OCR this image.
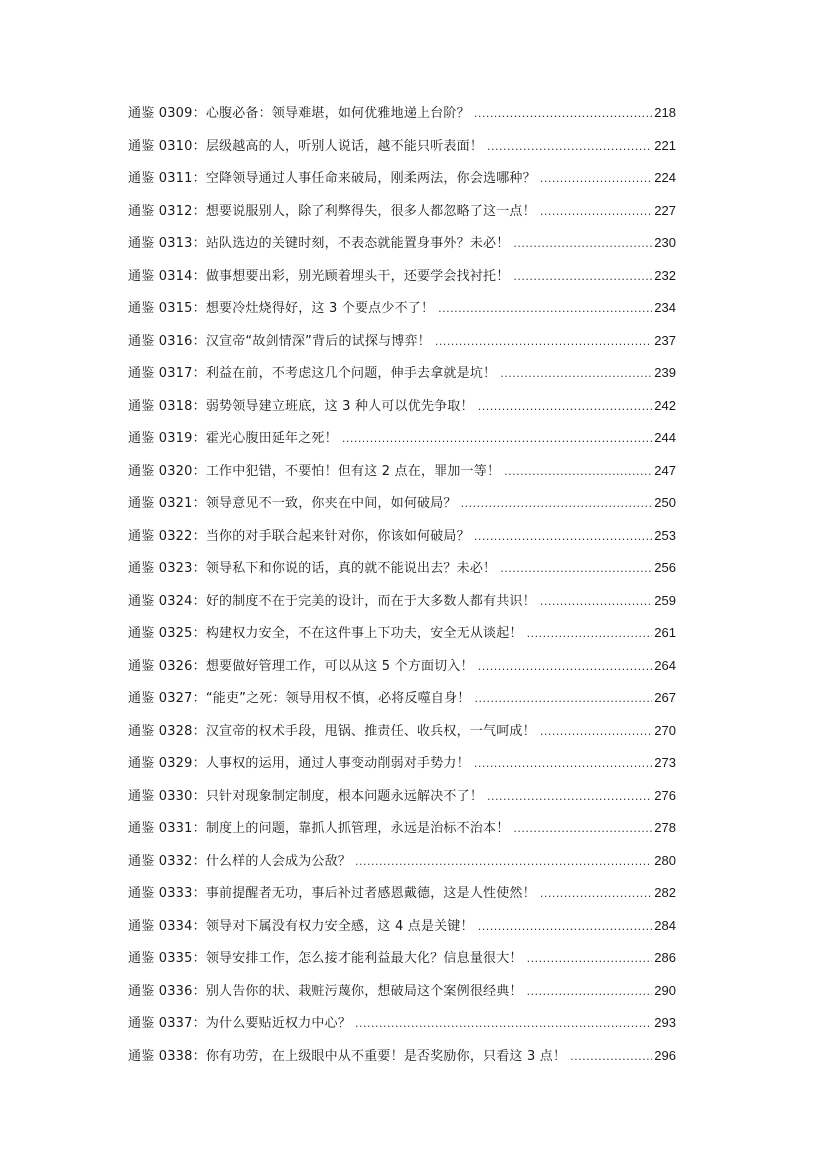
通鉴 0309：心腹必备：领导难堪，如何优雅地递上台阶？ .....	218
通鉴 0310：层级越高的人，听别人说话，越不能只听表面！ .....	221
通鉴 0311：空降领导通过人事任命来破局，刚柔两法，你会选哪种？ .....	224
通鉴 0312：想要说服别人，除了利弊得失，很多人都忽略了这一点！ .....	227
通鉴 0313：站队选边的关键时刻，不表态就能置身事外？未必！ .....	230
通鉴 0314：做事想要出彩，别光顾着埋头干，还要学会找衬托！ .....	232
通鉴 0315：想要冷灶烧得好，这 3 个要点少不了！ .....	234
通鉴 0316：汉宣帝“故剑情深”背后的试探与博弈！ .....	237
通鉴 0317：利益在前，不考虑这几个问题，伸手去拿就是坑！ .....	239
通鉴 0318：弱势领导建立班底，这 3 种人可以优先争取！ .....	242
通鉴 0319：霍光心腹田延年之死！ .....	244
通鉴 0320：工作中犯错，不要怕！但有这 2 点在，罪加一等！ .....	247
通鉴 0321：领导意见不一致，你夹在中间，如何破局？ .....	250
通鉴 0322：当你的对手联合起来针对你，你该如何破局？ .....	253
通鉴 0323：领导私下和你说的话，真的就不能说出去？未必！ .....	256
通鉴 0324：好的制度不在于完美的设计，而在于大多数人都有共识！ .....	259
通鉴 0325：构建权力安全，不在这件事上下功夫，安全无从谈起！ .....	261
通鉴 0326：想要做好管理工作，可以从这 5 个方面切入！ .....	264
通鉴 0327：“能吏”之死：领导用权不慎，必将反噬自身！ .....	267
通鉴 0328：汉宣帝的权术手段，甩锅、推责任、收兵权，一气呵成！ .....	270
通鉴 0329：人事权的运用，通过人事变动削弱对手势力！ .....	273
通鉴 0330：只针对现象制定制度，根本问题永远解决不了！ .....	276
通鉴 0331：制度上的问题，靠抓人抓管理，永远是治标不治本！ .....	278
通鉴 0332：什么样的人会成为公敌？ .....	280
通鉴 0333：事前提醒者无功，事后补过者感恩戴德，这是人性使然！ .....	282
通鉴 0334：领导对下属没有权力安全感，这 4 点是关键！ .....	284
通鉴 0335：领导安排工作，怎么接才能利益最大化？信息量很大！ .....	286
通鉴 0336：别人告你的状、栽赃污蔑你，想破局这个案例很经典！ .....	290
通鉴 0337：为什么要贴近权力中心？ .....	293
通鉴 0338：你有功劳，在上级眼中从不重要！是否奖励你，只看这 3 点！ .....	296
